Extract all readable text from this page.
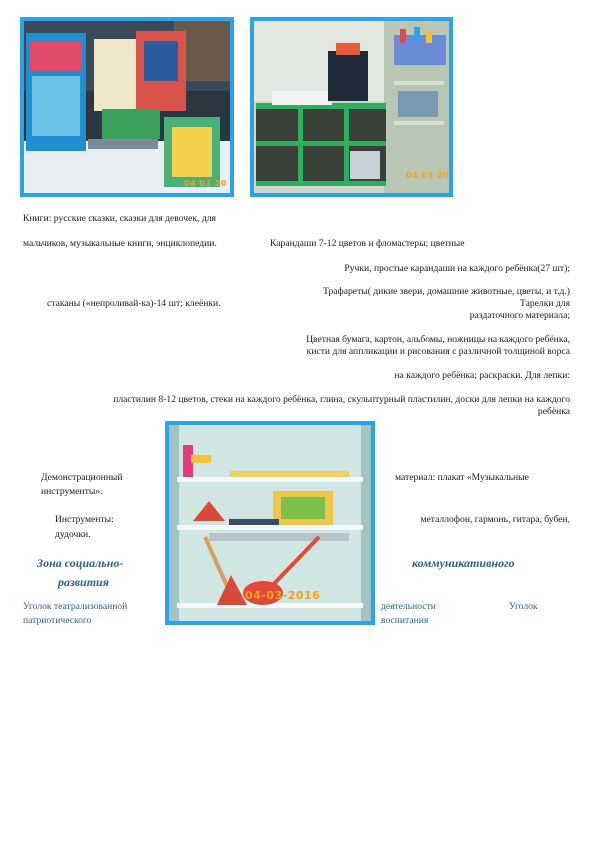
04 03 20
04 03 20
Книги: русские сказки, сказки для девочек, для
мальчиков, музыкальные книги, энциклопедии.	Карандаши 7-12 цветов и фломастеры; цветные
Ручки, простые карандаши на каждого ребёнка(27 шт);
Трафареты( дикие звери, домашние животные, цветы, и т.д.)
стаканы («непроливай-ка)-14 шт; клеёнки.	Тарелки для
раздаточного материала;
Цветная бумага, картон, альбомы, ножницы на каждого ребёнка,
кисти для аппликации и рисования с различной толщиной ворса
на каждого ребёнка; раскраски. Для лепки:
пластилин 8-12 цветов, стеки на каждого ребёнка, глина, скульптурный пластилин, доски для лепки на каждого
ребёнка
04-03-2016
Демонстрационный	материал: плакат «Музыкальные
инструменты».
Инструменты:	металлофон, гармонь, гитара, бубен,
дудочки.
Зона социально-
развития
коммуникативного
Уголок театрализованной
патриотического
деятельности	Уголок
воспитания
